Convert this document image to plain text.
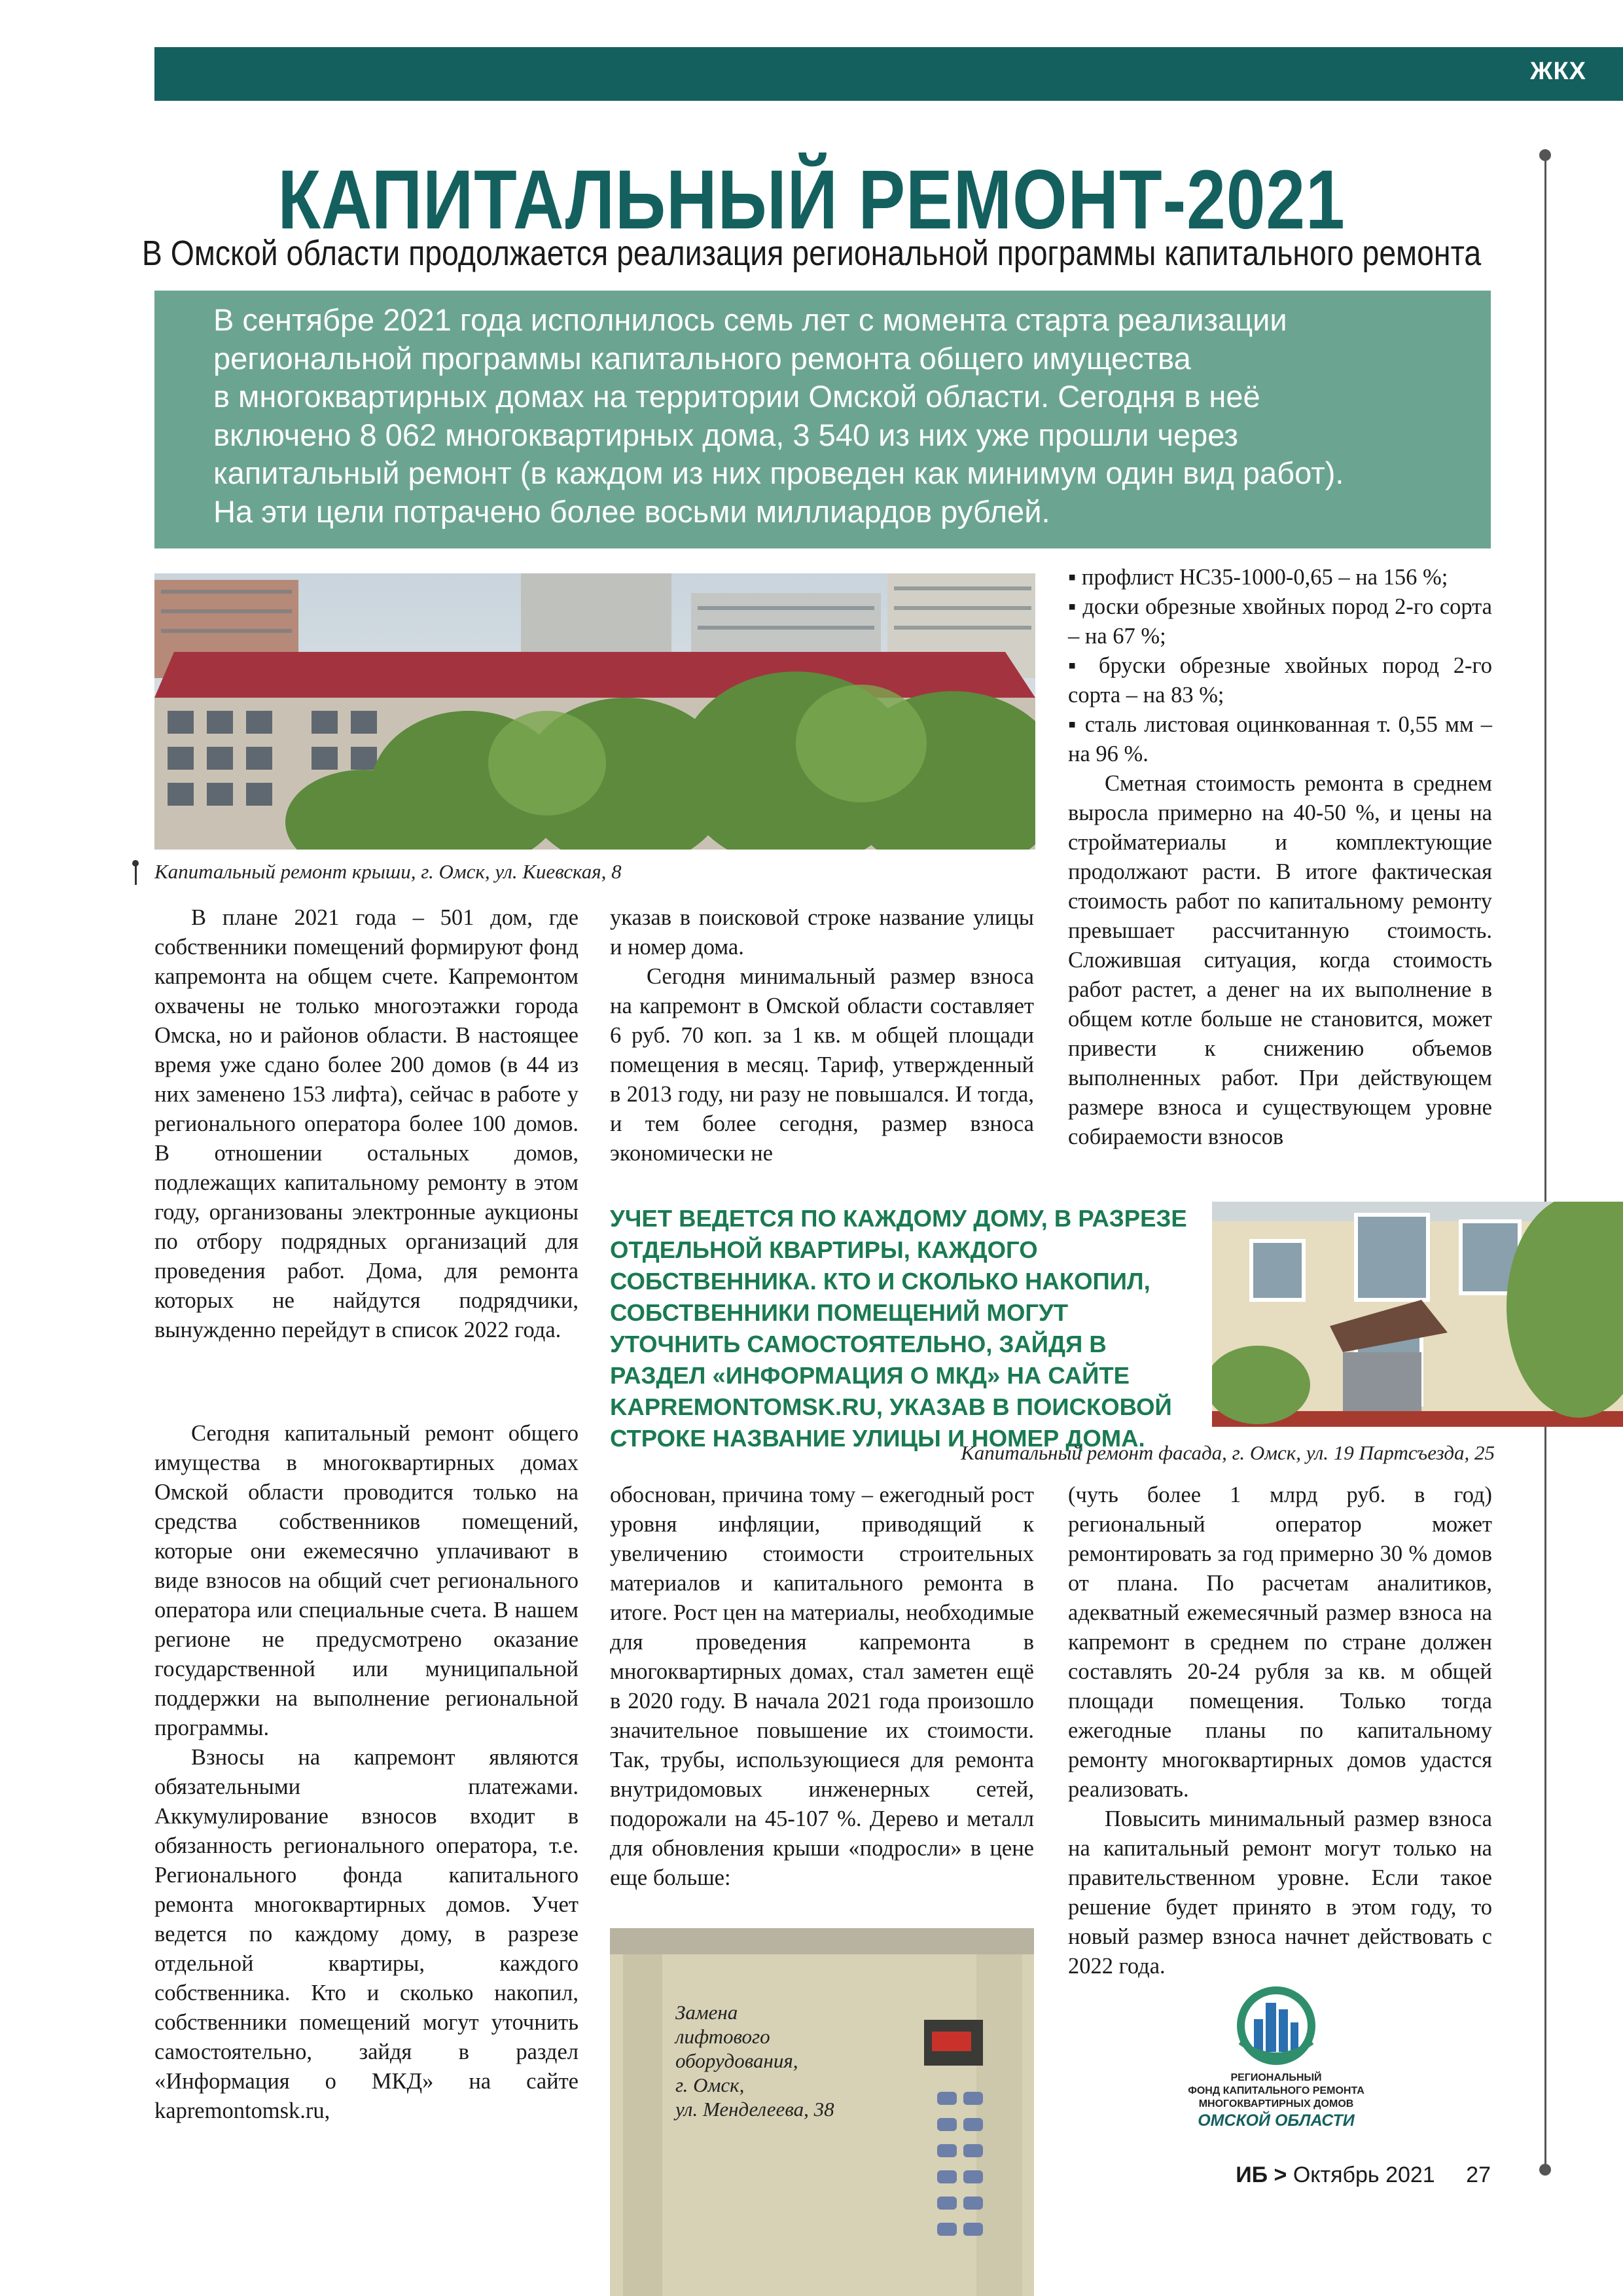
ЖКХ
КАПИТАЛЬНЫЙ РЕМОНТ-2021
В Омской области продолжается реализация региональной программы капитального ремонта
В сентябре 2021 года исполнилось семь лет с момента старта реализации
региональной программы капитального ремонта общего имущества
в многоквартирных домах на территории Омской области. Сегодня в неё
включено 8 062 многоквартирных дома, 3 540 из них уже прошли через
капитальный ремонт (в каждом из них проведен как минимум один вид работ).
На эти цели потрачено более восьми миллиардов рублей.
Капитальный ремонт крыши, г. Омск, ул. Киевская, 8

▪ профлист НС35-1000-0,65 – на 156 %;

▪ доски обрезные хвойных пород 2-го сорта – на 67 %;

▪ бруски обрезные хвойных пород 2-го сорта – на 83 %;

▪ сталь листовая оцинкованная т. 0,55 мм – на 96 %.

Сметная стоимость ремонта в среднем выросла примерно на 40-50 %, и цены на стройматериалы и комплектующие продолжают расти. В итоге фактическая стоимость работ по капитальному ремонту превышает рассчитанную стоимость. Сложившая ситуация, когда стоимость работ растет, а денег на их выполнение в общем котле больше не становится, может привести к снижению объемов выполненных работ. При действующем размере взноса и существующем уровне собираемости взносов

В плане 2021 года – 501 дом, где собственники помещений формируют фонд капремонта на общем счете. Капремонтом охвачены не только многоэтажки города Омска, но и районов области. В настоящее время уже сдано более 200 домов (в 44 из них заменено 153 лифта), сейчас в работе у регионального оператора более 100 домов. В отношении остальных домов, подлежащих капитальному ремонту в этом году, организованы электронные аукционы по отбору подрядных организаций для проведения работ. Дома, для ремонта которых не найдутся подрядчики, вынужденно перейдут в список 2022 года.

указав в поисковой строке название улицы и номер дома.

Сегодня минимальный размер взноса на капремонт в Омской области составляет 6 руб. 70 коп. за 1 кв. м общей площади помещения в месяц. Тариф, утвержденный в 2013 году, ни разу не повышался. И тогда, и тем более сегодня, размер взноса экономически не

УЧЕТ ВЕДЕТСЯ ПО КАЖДОМУ ДОМУ, В РАЗРЕЗЕ ОТДЕЛЬНОЙ КВАРТИРЫ, КАЖДОГО СОБСТВЕННИКА. КТО И СКОЛЬКО НАКОПИЛ, СОБСТВЕННИКИ ПОМЕЩЕНИЙ МОГУТ УТОЧНИТЬ САМОСТОЯТЕЛЬНО, ЗАЙДЯ В РАЗДЕЛ «ИНФОРМАЦИЯ О МКД» НА САЙТЕ KAPREMONTOMSK.RU, УКАЗАВ В ПОИСКОВОЙ СТРОКЕ НАЗВАНИЕ УЛИЦЫ И НОМЕР ДОМА.
Капитальный ремонт фасада, г. Омск, ул. 19 Партсъезда, 25

Сегодня капитальный ремонт общего имущества в многоквартирных домах Омской области проводится только на средства собственников помещений, которые они ежемесячно уплачивают в виде взносов на общий счет регионального оператора или специальные счета. В нашем регионе не предусмотрено оказание государственной или муниципальной поддержки на выполнение региональной программы.

Взносы на капремонт являются обязательными платежами. Аккумулирование взносов входит в обязанность регионального оператора, т.е. Регионального фонда капитального ремонта многоквартирных домов. Учет ведется по каждому дому, в разрезе отдельной квартиры, каждого собственника. Кто и сколько накопил, собственники помещений могут уточнить самостоятельно, зайдя в раздел «Информация о МКД» на сайте kapremontomsk.ru,

обоснован, причина тому – ежегодный рост уровня инфляции, приводящий к увеличению стоимости строительных материалов и капитального ремонта в итоге. Рост цен на материалы, необходимые для проведения капремонта в многоквартирных домах, стал заметен ещё в 2020 году. В начала 2021 года произошло значительное повышение их стоимости. Так, трубы, использующиеся для ремонта внутридомовых инженерных сетей, подорожали на 45-107 %. Дерево и металл для обновления крыши «подросли» в цене еще больше:

(чуть более 1 млрд руб. в год) региональный оператор может ремонтировать за год примерно 30 % домов от плана. По расчетам аналитиков, адекватный ежемесячный размер взноса на капремонт в среднем по стране должен составлять 20-24 рубля за кв. м общей площади помещения. Только тогда ежегодные планы по капитальному ремонту многоквартирных домов удастся реализовать.

Повысить минимальный размер взноса на капитальный ремонт могут только на правительственном уровне. Если такое решение будет принято в этом году, то новый размер взноса начнет действовать с 2022 года.

Замена
лифтового
оборудования,
г. Омск,
ул. Менделеева, 38
РЕГИОНАЛЬНЫЙ
ФОНД КАПИТАЛЬНОГО РЕМОНТА
МНОГОКВАРТИРНЫХ ДОМОВ
ОМСКОЙ ОБЛАСТИ
ИБ > Октябрь 2021 27
